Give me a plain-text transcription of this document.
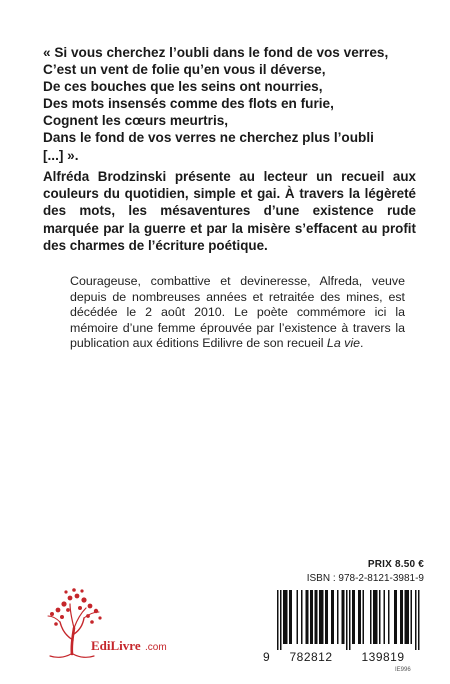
« Si vous cherchez l’oubli dans le fond de vos verres,
C’est un vent de folie qu’en vous il déverse,
De ces bouches que les seins ont nourries,
Des mots insensés comme des flots en furie,
Cognent les cœurs meurtris,
Dans le fond de vos verres ne cherchez plus l’oubli
[...] ».

Alfréda Brodzinski présente au lecteur un recueil aux couleurs du quotidien, simple et gai. À travers la légèreté des mots, les mésaventures d’une existence rude marquée par la guerre et par la misère s’effacent au profit des charmes de l’écriture poétique.

Courageuse, combattive et devineresse, Alfreda, veuve depuis de nombreuses années et retraitée des mines, est décédée le 2 août 2010. Le poète commémore ici la mémoire d’une femme éprouvée par l’existence à travers la publication aux éditions Edilivre de son recueil La vie.

EdiLivre .com
PRIX 8.50 €
ISBN : 978-2-8121-3981-9
9 782812 139819
IE996
